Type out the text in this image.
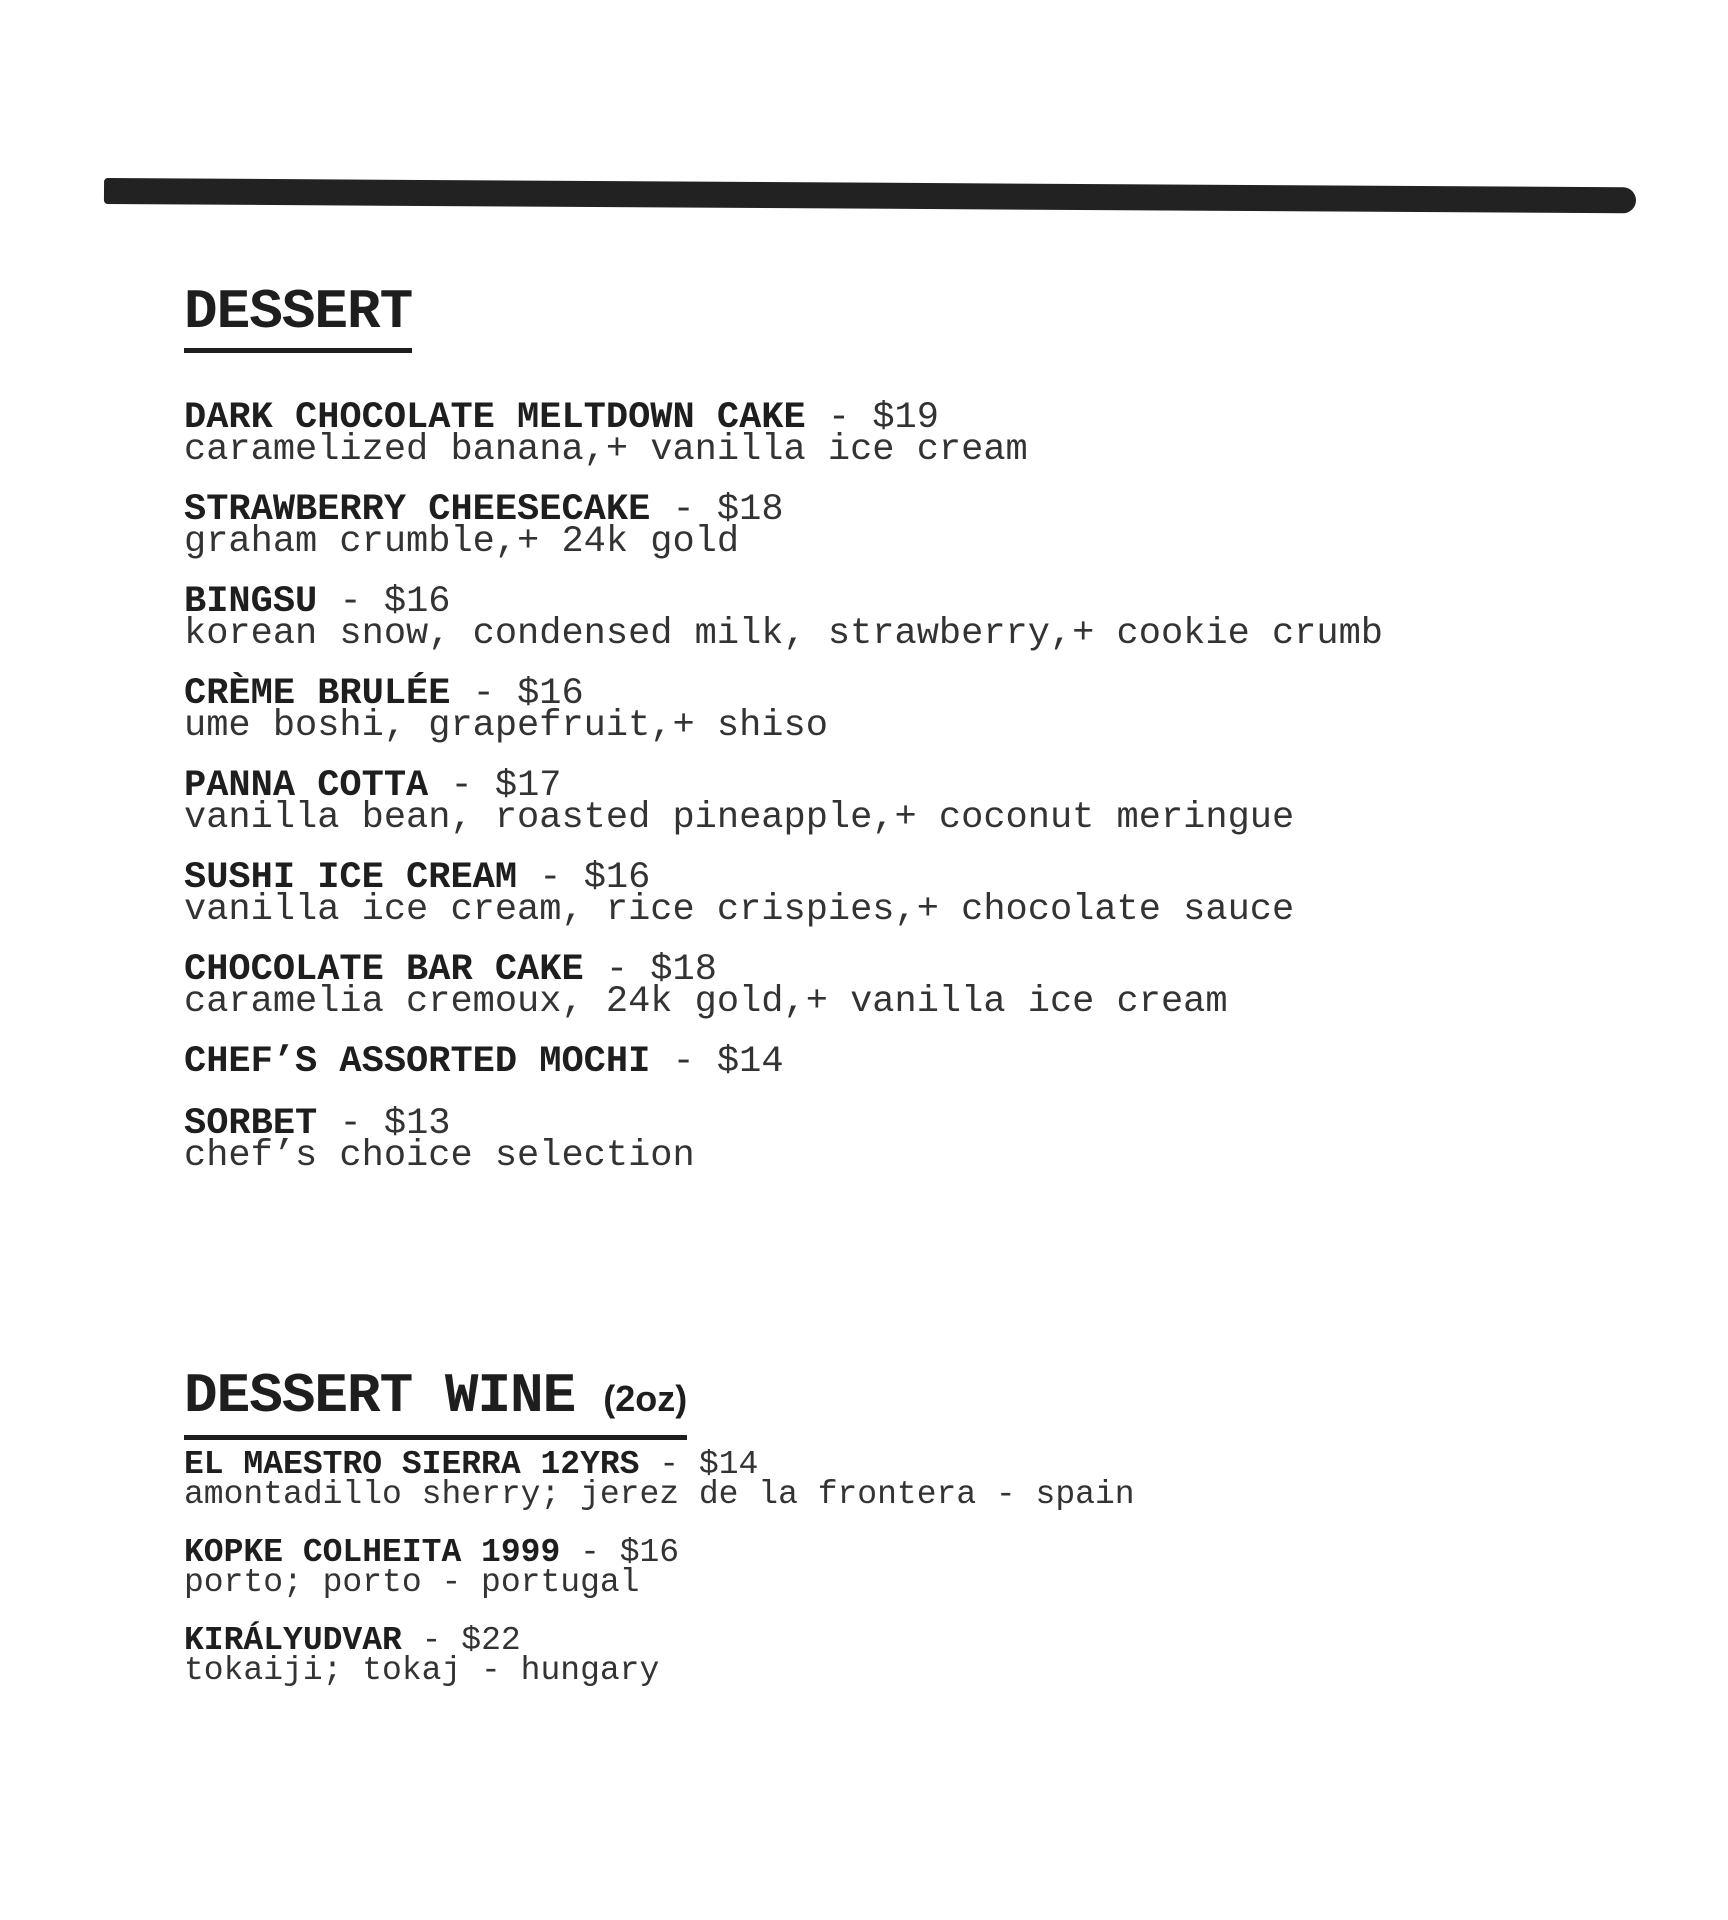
DESSERT
DARK CHOCOLATE MELTDOWN CAKE - $19
caramelized banana,+ vanilla ice cream
STRAWBERRY CHEESECAKE - $18
graham crumble,+ 24k gold
BINGSU - $16
korean snow, condensed milk, strawberry,+ cookie crumb
CRÈME BRULÉE - $16
ume boshi, grapefruit,+ shiso
PANNA COTTA - $17
vanilla bean, roasted pineapple,+ coconut meringue
SUSHI ICE CREAM - $16
vanilla ice cream, rice crispies,+ chocolate sauce
CHOCOLATE BAR CAKE - $18
caramelia cremoux, 24k gold,+ vanilla ice cream
CHEF’S ASSORTED MOCHI - $14
SORBET - $13
chef’s choice selection
DESSERT WINE (2oz)
EL MAESTRO SIERRA 12YRS - $14
amontadillo sherry; jerez de la frontera - spain
KOPKE COLHEITA 1999 - $16
porto; porto - portugal
KIRÁLYUDVAR - $22
tokaiji; tokaj - hungary
